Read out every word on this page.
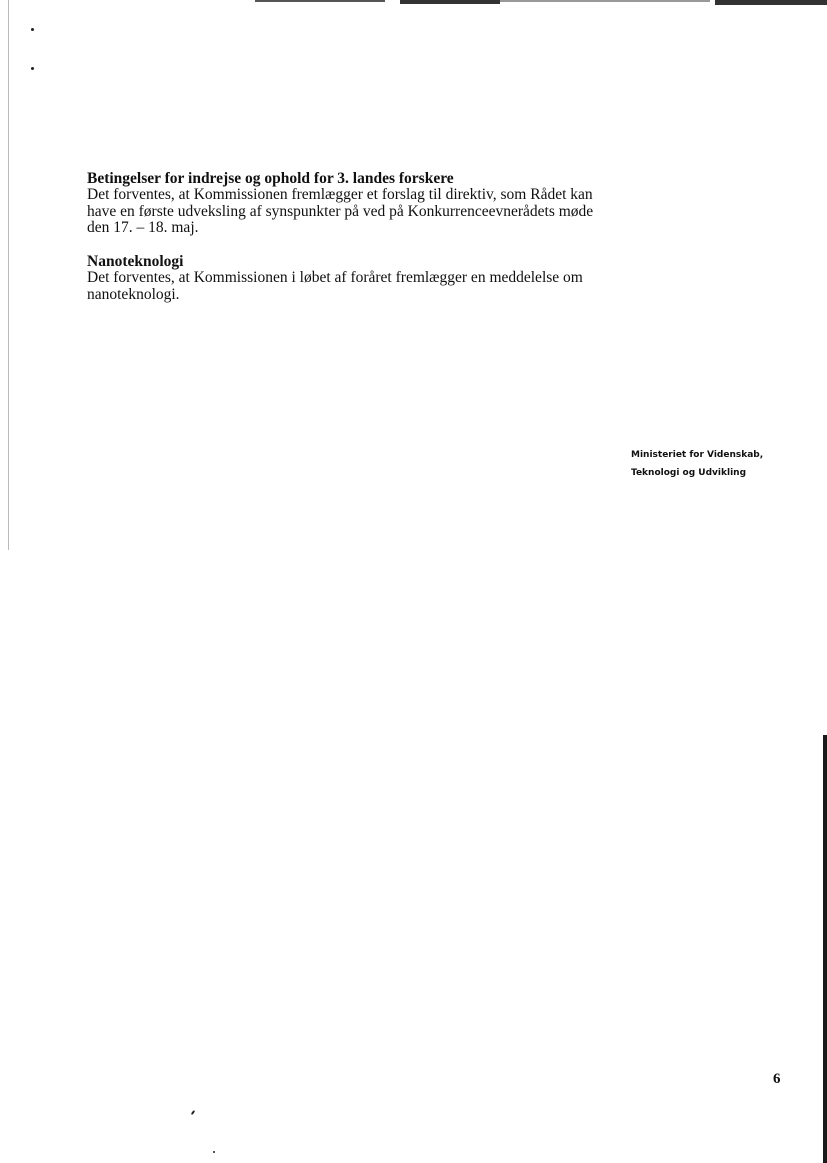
Betingelser for indrejse og ophold for 3. landes forskere

Det forventes, at Kommissionen fremlægger et forslag til direktiv, som Rådet kan

have en første udveksling af synspunkter på ved på Konkurrenceevnerådets møde

den 17. – 18. maj.

Nanoteknologi

Det forventes, at Kommissionen i løbet af foråret fremlægger en meddelelse om

nanoteknologi.

Ministeriet for Videnskab,
Teknologi og Udvikling
6
